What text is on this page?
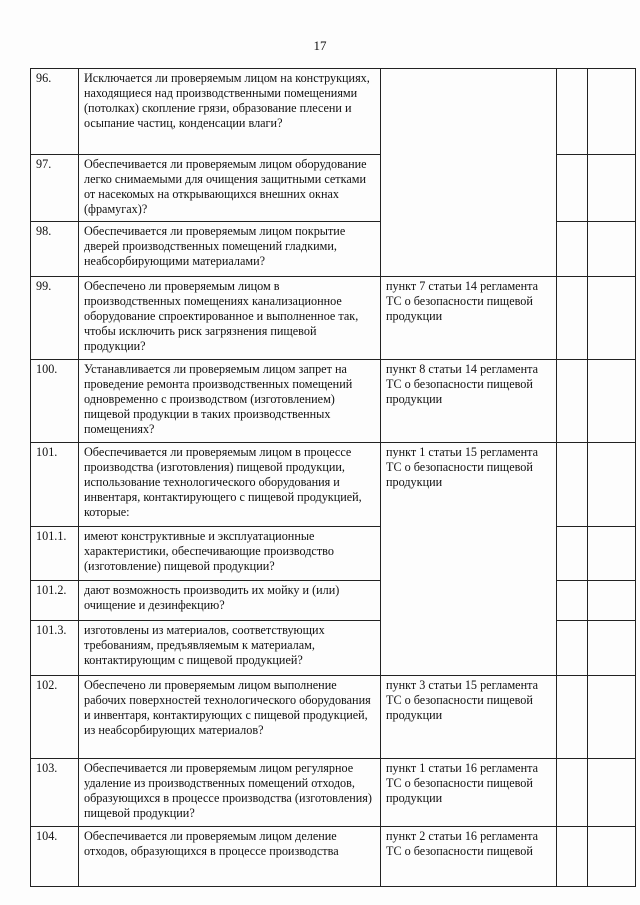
17
96.	Исключается ли проверяемым лицом на конструкциях, находящиеся над производственными помещениями (потолках) скопление грязи, образование плесени и осыпание частиц, конденсации влаги?			
97.	Обеспечивается ли проверяемым лицом оборудование легко снимаемыми для очищения защитными сетками от насекомых на открывающихся внешних окнах (фрамугах)?			
98.	Обеспечивается ли проверяемым лицом покрытие дверей производственных помещений гладкими, неабсорбирующими материалами?			
99.	Обеспечено ли проверяемым лицом в производственных помещениях канализационное оборудование спроектированное и выполненное так, чтобы исключить риск загрязнения пищевой продукции?	пункт 7 статьи 14 регламента ТС о безопасности пищевой продукции		
100.	Устанавливается ли проверяемым лицом запрет на проведение ремонта производственных помещений одновременно с производством (изготовлением) пищевой продукции в таких производственных помещениях?	пункт 8 статьи 14 регламента ТС о безопасности пищевой продукции		
101.	Обеспечивается ли проверяемым лицом в процессе производства (изготовления) пищевой продукции, использование технологического оборудования и инвентаря, контактирующего с пищевой продукцией, которые:	пункт 1 статьи 15 регламента ТС о безопасности пищевой продукции		
101.1.	имеют конструктивные и эксплуатационные характеристики, обеспечивающие производство (изготовление) пищевой продукции?			
101.2.	дают возможность производить их мойку и (или) очищение и дезинфекцию?			
101.3.	изготовлены из материалов, соответствующих требованиям, предъявляемым к материалам, контактирующим с пищевой продукцией?			
102.	Обеспечено ли проверяемым лицом выполнение рабочих поверхностей технологического оборудования и инвентаря, контактирующих с пищевой продукцией, из неабсорбирующих материалов?	пункт 3 статьи 15 регламента ТС о безопасности пищевой продукции		
103.	Обеспечивается ли проверяемым лицом регулярное удаление из производственных помещений отходов, образующихся в процессе производства (изготовления) пищевой продукции?	пункт 1 статьи 16 регламента ТС о безопасности пищевой продукции		
104.	Обеспечивается ли проверяемым лицом деление отходов, образующихся в процессе производства	пункт 2 статьи 16 регламента ТС о безопасности пищевой		
